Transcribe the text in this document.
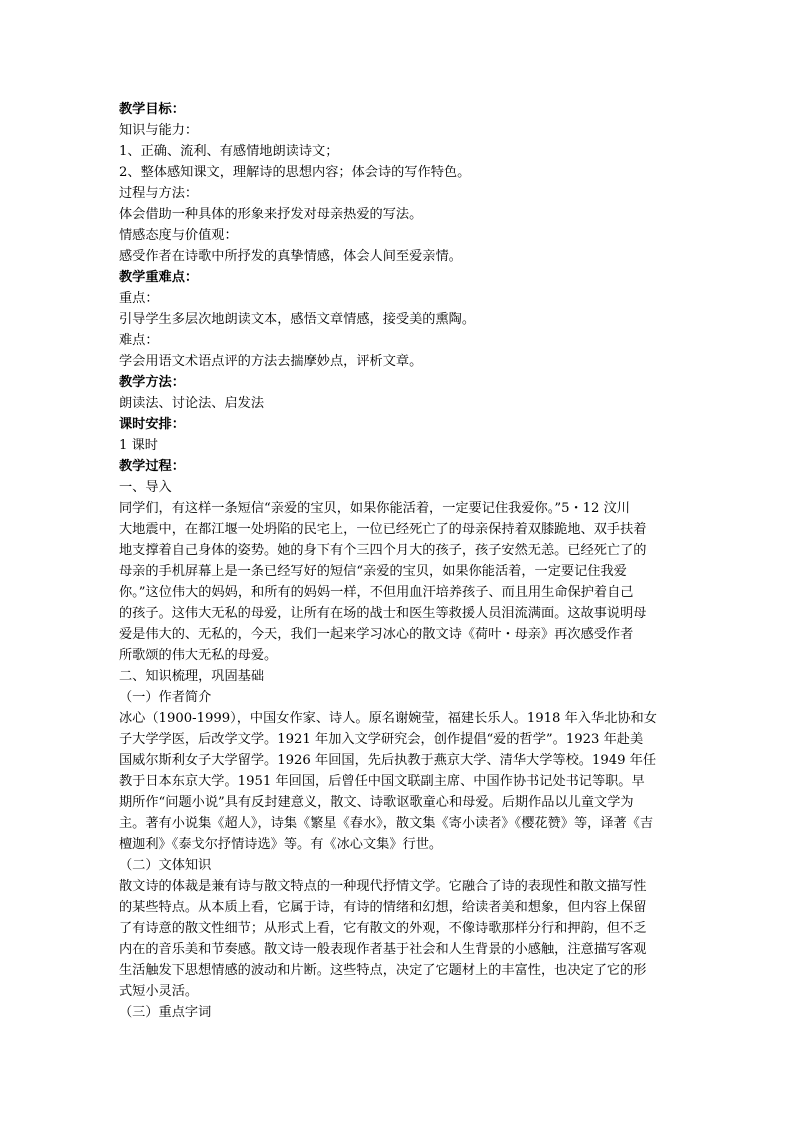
教学目标：

知识与能力：

1、正确、流利、有感情地朗读诗文；

2、整体感知课文，理解诗的思想内容；体会诗的写作特色。

过程与方法：

体会借助一种具体的形象来抒发对母亲热爱的写法。

情感态度与价值观：

感受作者在诗歌中所抒发的真挚情感，体会人间至爱亲情。

教学重难点：

重点：

引导学生多层次地朗读文本，感悟文章情感，接受美的熏陶。

难点：

学会用语文术语点评的方法去揣摩妙点，评析文章。

教学方法：

朗读法、讨论法、启发法

课时安排：

1 课时

教学过程：

一、导入

同学们，有这样一条短信“亲爱的宝贝，如果你能活着，一定要记住我爱你。”5・12 汶川

大地震中，在都江堰一处坍陷的民宅上，一位已经死亡了的母亲保持着双膝跪地、双手扶着

地支撑着自己身体的姿势。她的身下有个三四个月大的孩子，孩子安然无恙。已经死亡了的

母亲的手机屏幕上是一条已经写好的短信“亲爱的宝贝，如果你能活着，一定要记住我爱

你。”这位伟大的妈妈，和所有的妈妈一样，不但用血汗培养孩子、而且用生命保护着自己

的孩子。这伟大无私的母爱，让所有在场的战士和医生等救援人员泪流满面。这故事说明母

爱是伟大的、无私的，今天，我们一起来学习冰心的散文诗《荷叶・母亲》再次感受作者

所歌颂的伟大无私的母爱。

二、知识梳理，巩固基础

（一）作者简介

冰心（1900-1999），中国女作家、诗人。原名谢婉莹，福建长乐人。1918 年入华北协和女

子大学学医，后改学文学。1921 年加入文学研究会，创作提倡“爱的哲学”。1923 年赴美

国威尔斯利女子大学留学。1926 年回国，先后执教于燕京大学、清华大学等校。1949 年任

教于日本东京大学。1951 年回国，后曾任中国文联副主席、中国作协书记处书记等职。早

期所作“问题小说”具有反封建意义，散文、诗歌讴歌童心和母爱。后期作品以儿童文学为

主。著有小说集《超人》，诗集《繁星《春水》，散文集《寄小读者》《樱花赞》等，译著《吉

檀迦利》《泰戈尔抒情诗选》等。有《冰心文集》行世。

（二）文体知识

散文诗的体裁是兼有诗与散文特点的一种现代抒情文学。它融合了诗的表现性和散文描写性

的某些特点。从本质上看，它属于诗，有诗的情绪和幻想，给读者美和想象，但内容上保留

了有诗意的散文性细节；从形式上看，它有散文的外观，不像诗歌那样分行和押韵，但不乏

内在的音乐美和节奏感。散文诗一般表现作者基于社会和人生背景的小感触，注意描写客观

生活触发下思想情感的波动和片断。这些特点，决定了它题材上的丰富性，也决定了它的形

式短小灵活。

（三）重点字词
